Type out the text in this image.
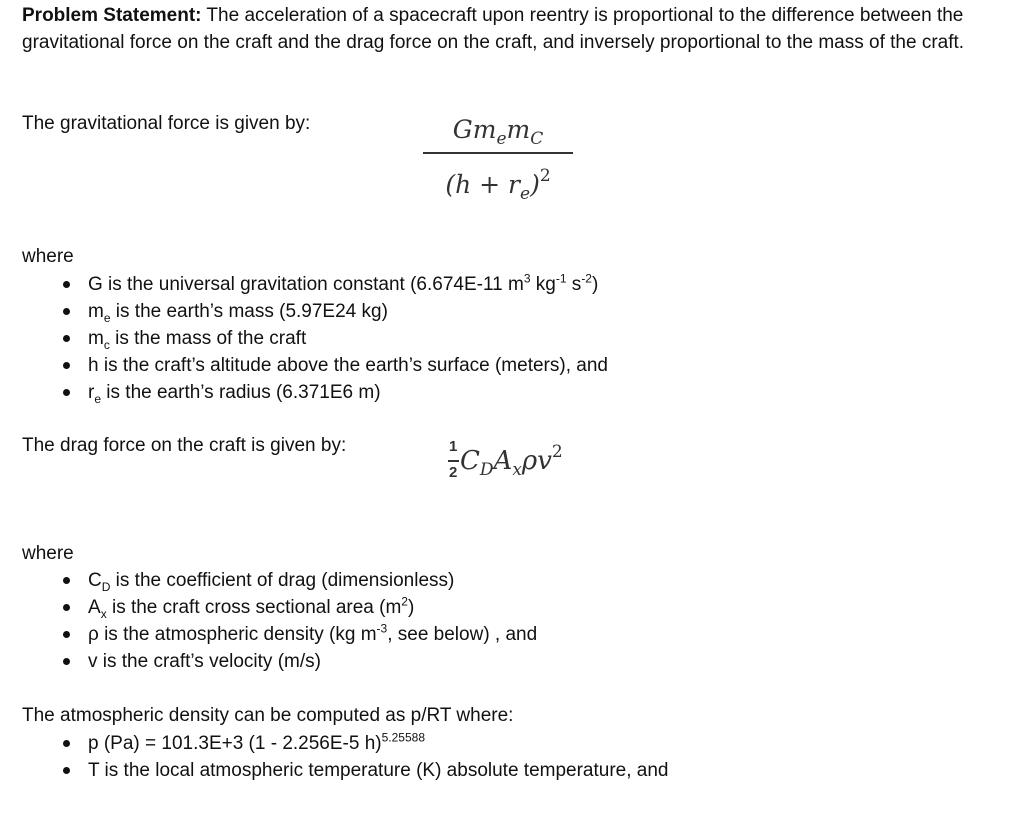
Problem Statement: The acceleration of a spacecraft upon reentry is proportional to the difference between the gravitational force on the craft and the drag force on the craft, and inversely proportional to the mass of the craft.

The gravitational force is given by:	$Gm_em_C$
$(h + r_e)^2$

where

G is the universal gravitation constant (6.674E-11 $m^3$ $kg^{-1}$ $s^{-2}$)
$m_e$ is the earth’s mass (5.97E24 kg)
$m_c$ is the mass of the craft
h is the craft’s altitude above the earth’s surface (meters), and
$r_e$ is the earth’s radius (6.371E6 m)

The drag force on the craft is given by:	$\frac{1}{2} C_DA_x\rho v^2$

where

$C_D$ is the coefficient of drag (dimensionless)
$A_x$ is the craft cross sectional area $(m^2)$
ρ is the atmospheric density (kg $m^{-3}$, see below) , and
v is the craft’s velocity (m/s)

The atmospheric density can be computed as p/RT where:

p (Pa) = 101.3E+3 (1 - 2.256E-5 h)$^{5.25588}$
T is the local atmospheric temperature (K) absolute temperature, and
